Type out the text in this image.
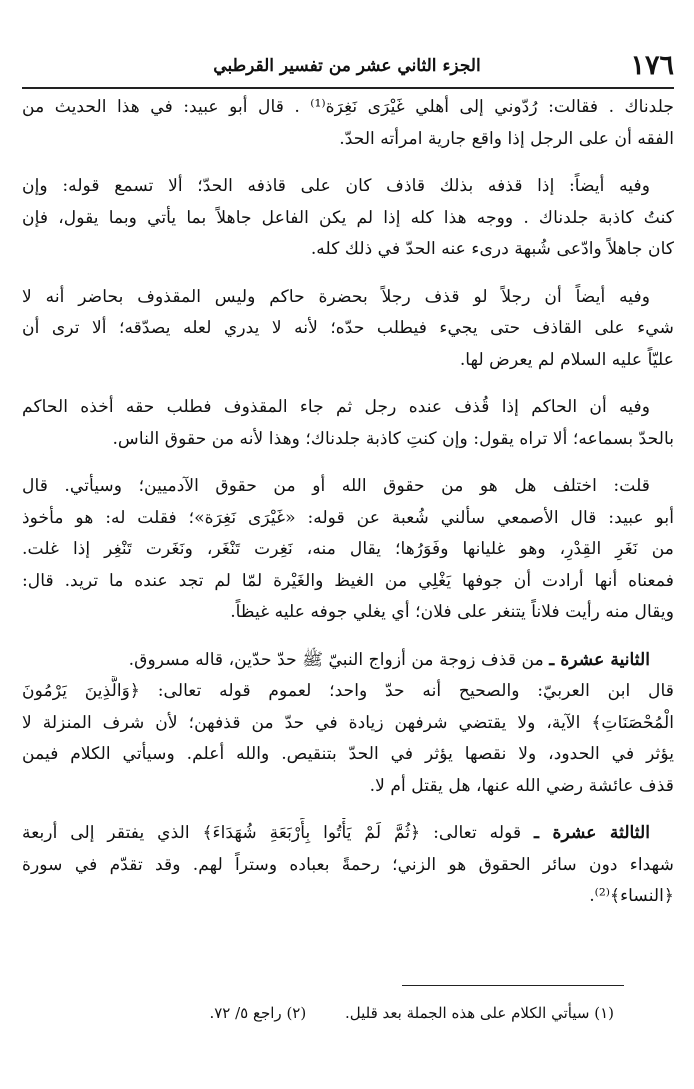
١٧٦
الجزء الثاني عشر من تفسير القرطبي

جلدناك . فقالت: رُدّوني إلى أهلي غَيْرَى نَغِرَة⁽¹⁾ . قال أبو عبيد: في هذا الحديث من
الفقه أن على الرجل إذا واقع جارية امرأته الحدّ.

وفيه أيضاً: إذا قذفه بذلك قاذف كان على قاذفه الحدّ؛ ألا تسمع قوله: وإن
كنتُ كاذبة جلدناك . ووجه هذا كله إذا لم يكن الفاعل جاهلاً بما يأتي وبما يقول، فإن
كان جاهلاً وادّعى شُبهة درىء عنه الحدّ في ذلك كله.

وفيه أيضاً أن رجلاً لو قذف رجلاً بحضرة حاكم وليس المقذوف بحاضر أنه لا
شيء على القاذف حتى يجيء فيطلب حدّه؛ لأنه لا يدري لعله يصدّقه؛ ألا ترى أن
عليّاً عليه السلام لم يعرض لها.

وفيه أن الحاكم إذا قُذف عنده رجل ثم جاء المقذوف فطلب حقه أخذه الحاكم
بالحدّ بسماعه؛ ألا تراه يقول: وإن كنتِ كاذبة جلدناك؛ وهذا لأنه من حقوق الناس.

قلت: اختلف هل هو من حقوق الله أو من حقوق الآدميين؛ وسيأتي. قال
أبو عبيد: قال الأصمعي سألني شُعبة عن قوله: «غَيْرَى نَغِرَة»؛ فقلت له: هو مأخوذ
من نَغَرِ القِدْرِ، وهو غليانها وفَوَرُها؛ يقال منه، نَغِرت تَنْغَر، ونَغَرت تَنْغِر إذا غلت.
فمعناه أنها أرادت أن جوفها يَغْلِي من الغيظ والغَيْرة لمّا لم تجد عنده ما تريد. قال:
ويقال منه رأيت فلاناً يتنغر على فلان؛ أي يغلي جوفه عليه غيظاً.

الثانية عشرة ـ من قذف زوجة من أزواج النبيّ ﷺ حدّ حدّين، قاله مسروق.
قال ابن العربيّ: والصحيح أنه حدّ واحد؛ لعموم قوله تعالى: ﴿وَالَّذِينَ يَرْمُونَ
الْمُحْصَنَاتِ﴾ الآية، ولا يقتضي شرفهن زيادة في حدّ من قذفهن؛ لأن شرف المنزلة لا
يؤثر في الحدود، ولا نقصها يؤثر في الحدّ بتنقيص. والله أعلم. وسيأتي الكلام فيمن
قذف عائشة رضي الله عنها، هل يقتل أم لا.

الثالثة عشرة ـ قوله تعالى: ﴿ثُمَّ لَمْ يَأْتُوا بِأَرْبَعَةِ شُهَدَاءَ﴾ الذي يفتقر إلى أربعة
شهداء دون سائر الحقوق هو الزني؛ رحمةً بعباده وستراً لهم. وقد تقدّم في سورة
﴿النساء﴾⁽²⁾.

(١) سيأتي الكلام على هذه الجملة بعد قليل. (٢) راجع ٥/ ٧٢.
